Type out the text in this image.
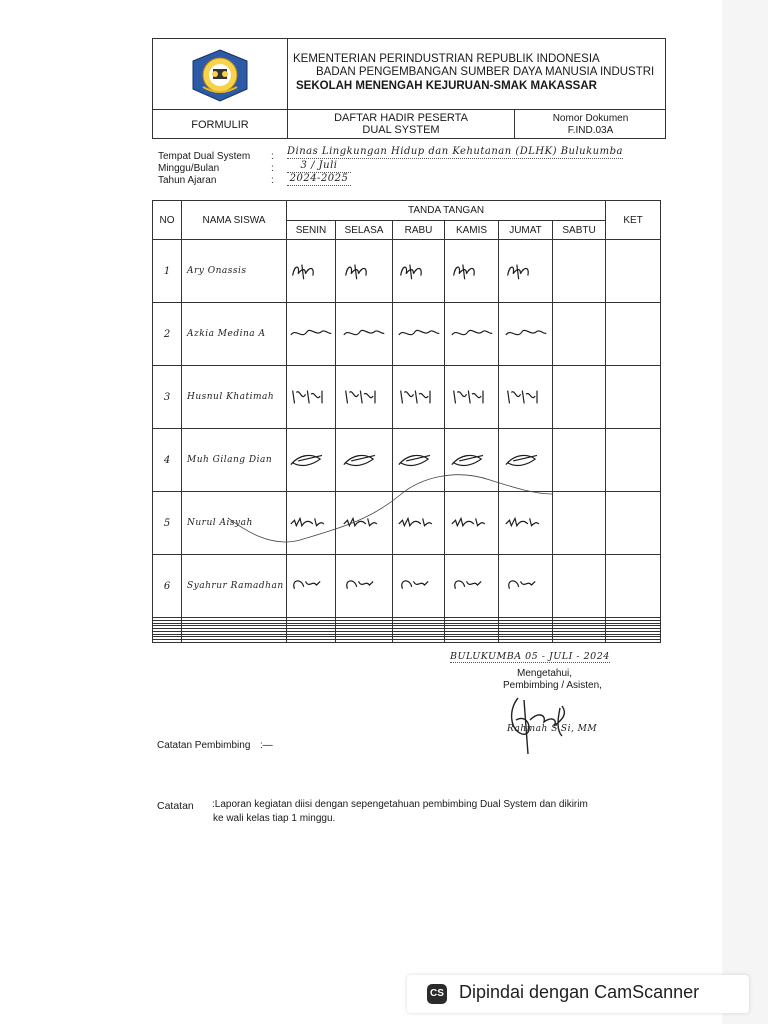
KEMENTERIAN PERINDUSTRIAN REPUBLIK INDONESIA
BADAN PENGEMBANGAN SUMBER DAYA MANUSIA INDUSTRI
SEKOLAH MENENGAH KEJURUAN-SMAK MAKASSAR
FORMULIR
DAFTAR HADIR PESERTA
DUAL SYSTEM
Nomor Dokumen
F.IND.03A
Tempat Dual System : Dinas Lingkungan Hidup dan Kehutanan (DLHK) Bulukumba
Minggu/Bulan	:	3 / Juli
Tahun Ajaran	: 2024-2025
NO	NAMA SISWA	TANDA TANGAN						KET
		SENIN	SELASA	RABU	KAMIS	JUMAT	SABTU	
1	Ary Onassis	

2	Azkia Medina A	

3	Husnul Khatimah	

4	Muh Gilang Dian	

5	Nurul Aisyah	

6	Syahrur Ramadhan	

BULUKUMBA 05 - JULI - 2024
Mengetahui,
Pembimbing / Asisten,
Rahmah S.Si, MM
Catatan Pembimbing :—
Catatan :Laporan kegiatan diisi dengan sepengetahuan pembimbing Dual System dan dikirim
ke wali kelas tiap 1 minggu.
CS Dipindai dengan CamScanner
